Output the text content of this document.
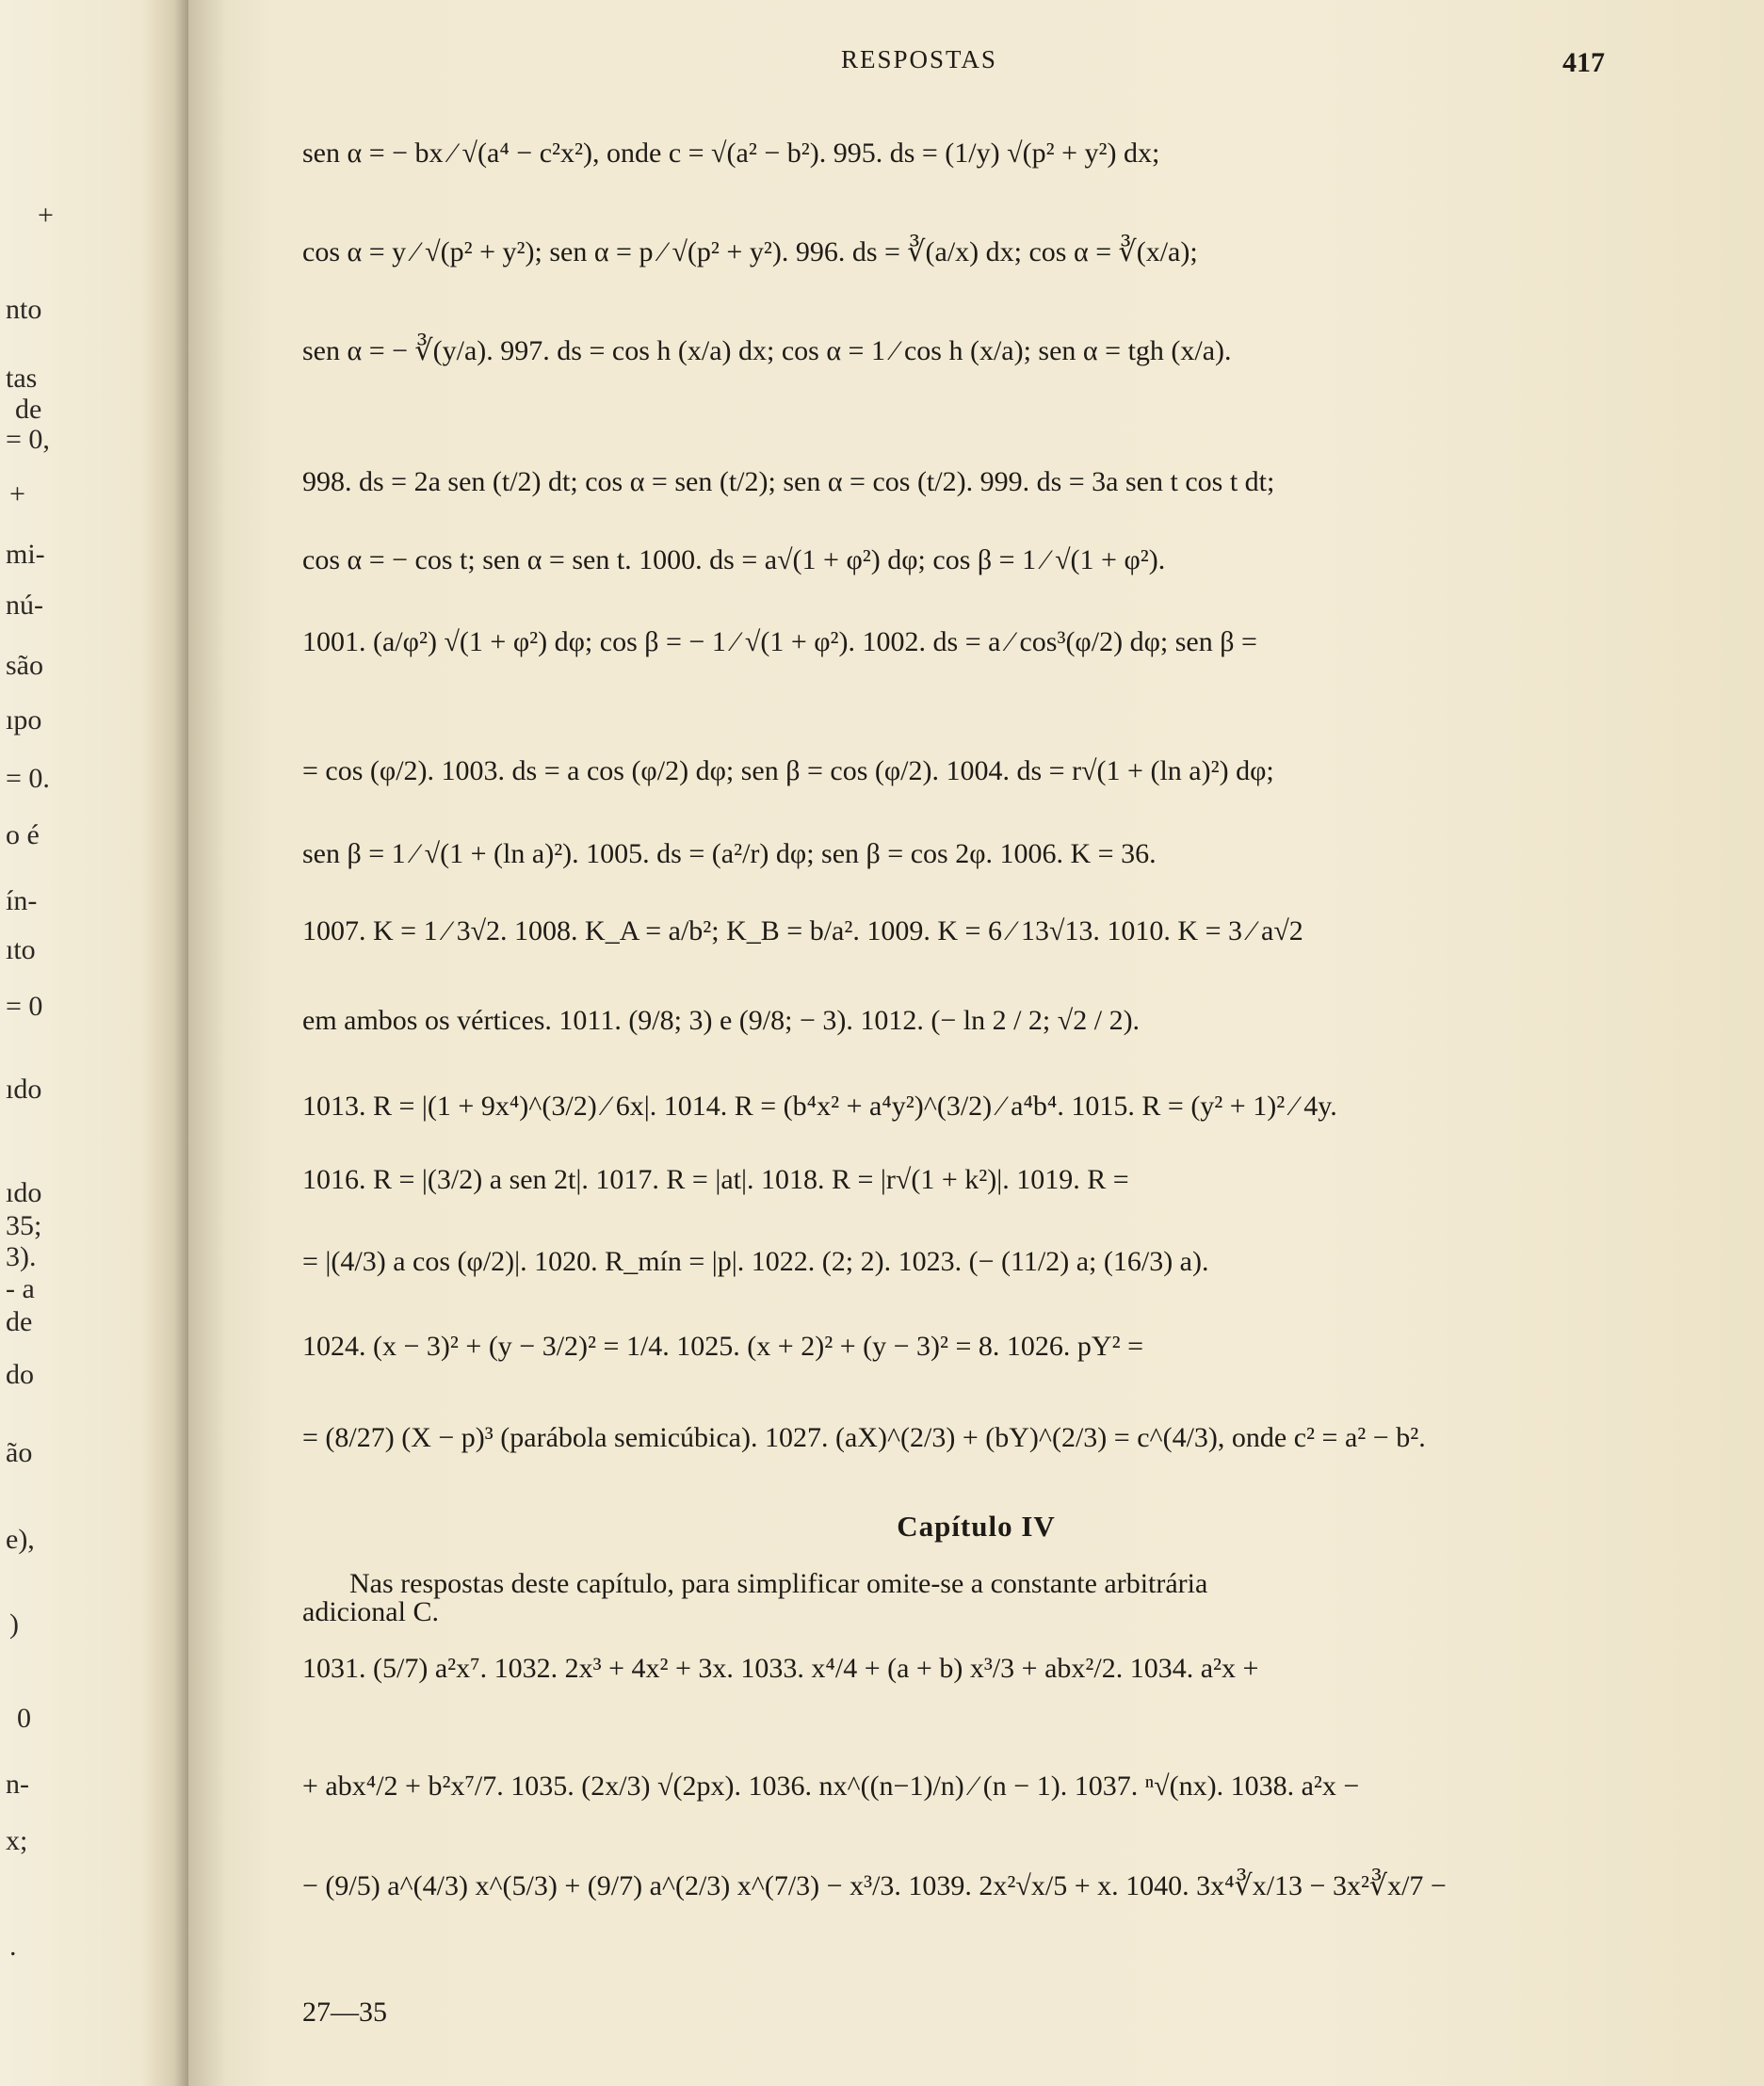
+
nto
tas
de
= 0,
+
mi-
nú-
são
ıpo
= 0.
o é
ín-
ıto
= 0
ıdo
ıdo
35;
3).
- a
de
do
ão
e),
)
0
n-
x;
.
RESPOSTAS	417
sen α = − bx ⁄ √(a⁴ − c²x²), onde c = √(a² − b²). 995. ds = (1/y) √(p² + y²) dx;
cos α = y ⁄ √(p² + y²); sen α = p ⁄ √(p² + y²). 996. ds = ∛(a/x) dx; cos α = ∛(x/a);
sen α = − ∛(y/a). 997. ds = cos h (x/a) dx; cos α = 1 ⁄ cos h (x/a); sen α = tgh (x/a).
998. ds = 2a sen (t/2) dt; cos α = sen (t/2); sen α = cos (t/2). 999. ds = 3a sen t cos t dt;
cos α = − cos t; sen α = sen t. 1000. ds = a√(1 + φ²) dφ; cos β = 1 ⁄ √(1 + φ²).
1001. (a/φ²) √(1 + φ²) dφ; cos β = − 1 ⁄ √(1 + φ²). 1002. ds = a ⁄ cos³(φ/2) dφ; sen β =
= cos (φ/2). 1003. ds = a cos (φ/2) dφ; sen β = cos (φ/2). 1004. ds = r√(1 + (ln a)²) dφ;
sen β = 1 ⁄ √(1 + (ln a)²). 1005. ds = (a²/r) dφ; sen β = cos 2φ. 1006. K = 36.
1007. K = 1 ⁄ 3√2. 1008. K_A = a/b²; K_B = b/a². 1009. K = 6 ⁄ 13√13. 1010. K = 3 ⁄ a√2
em ambos os vértices. 1011. (9/8; 3) e (9/8; − 3). 1012. (− ln 2 / 2; √2 / 2).
1013. R = |(1 + 9x⁴)^(3/2) ⁄ 6x|. 1014. R = (b⁴x² + a⁴y²)^(3/2) ⁄ a⁴b⁴. 1015. R = (y² + 1)² ⁄ 4y.
1016. R = |(3/2) a sen 2t|. 1017. R = |at|. 1018. R = |r√(1 + k²)|. 1019. R =
= |(4/3) a cos (φ/2)|. 1020. R_mín = |p|. 1022. (2; 2). 1023. (− (11/2) a; (16/3) a).
1024. (x − 3)² + (y − 3/2)² = 1/4. 1025. (x + 2)² + (y − 3)² = 8. 1026. pY² =
= (8/27) (X − p)³ (parábola semicúbica). 1027. (aX)^(2/3) + (bY)^(2/3) = c^(4/3), onde c² = a² − b².
Capítulo IV
Nas respostas deste capítulo, para simplificar omite-se a constante arbitrária
adicional C.
1031. (5/7) a²x⁷. 1032. 2x³ + 4x² + 3x. 1033. x⁴/4 + (a + b) x³/3 + abx²/2. 1034. a²x +
+ abx⁴/2 + b²x⁷/7. 1035. (2x/3) √(2px). 1036. nx^((n−1)/n) ⁄ (n − 1). 1037. ⁿ√(nx). 1038. a²x −
− (9/5) a^(4/3) x^(5/3) + (9/7) a^(2/3) x^(7/3) − x³/3. 1039. 2x²√x/5 + x. 1040. 3x⁴∛x/13 − 3x²∛x/7 −
27—35
